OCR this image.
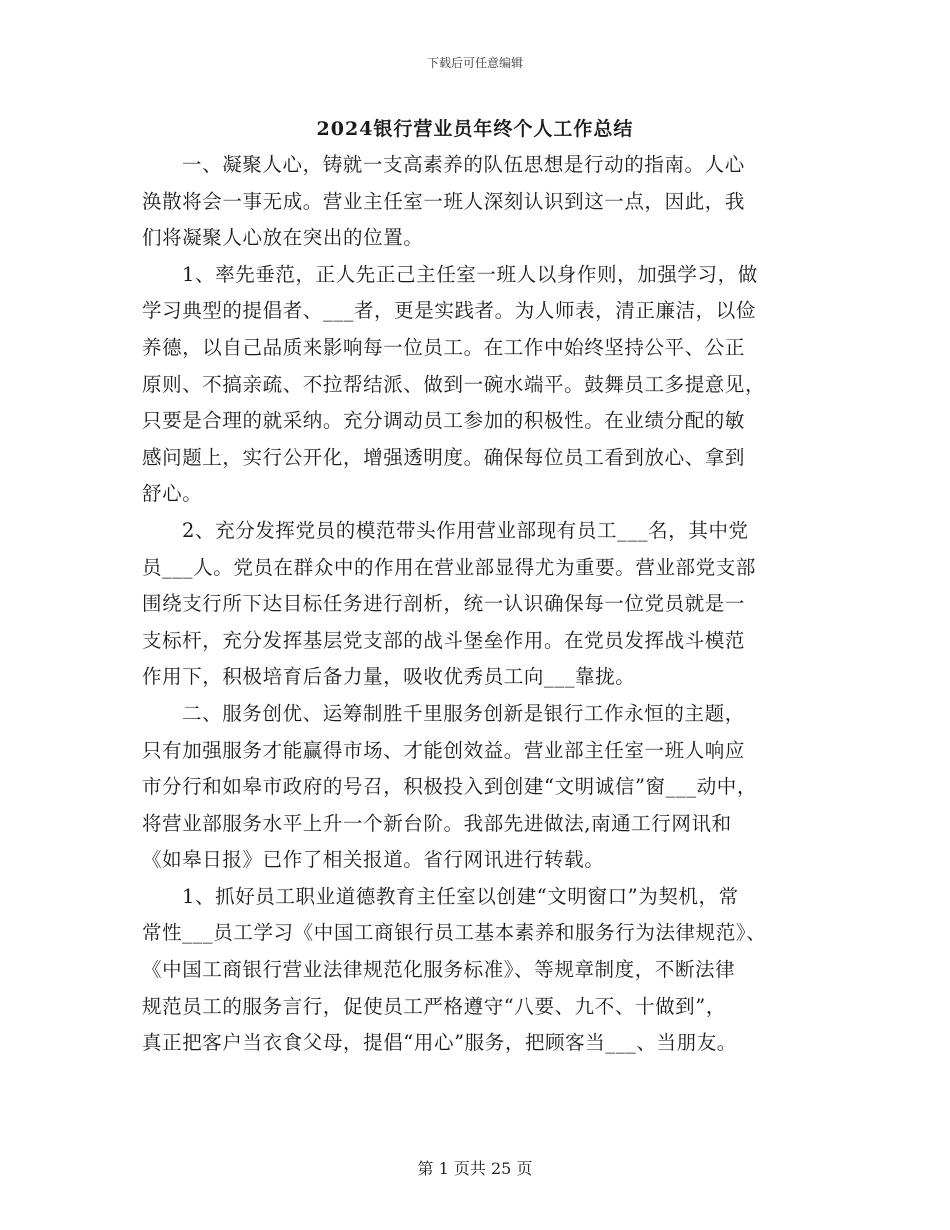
下载后可任意编辑
2024银行营业员年终个人工作总结
一、凝聚人心，铸就一支高素养的队伍思想是行动的指南。人心
涣散将会一事无成。营业主任室一班人深刻认识到这一点，因此，我
们将凝聚人心放在突出的位置。
1、率先垂范，正人先正己主任室一班人以身作则，加强学习，做
学习典型的提倡者、___者，更是实践者。为人师表，清正廉洁，以俭
养德，以自己品质来影响每一位员工。在工作中始终坚持公平、公正
原则、不搞亲疏、不拉帮结派、做到一碗水端平。鼓舞员工多提意见，
只要是合理的就采纳。充分调动员工参加的积极性。在业绩分配的敏
感问题上，实行公开化，增强透明度。确保每位员工看到放心、拿到
舒心。
2、充分发挥党员的模范带头作用营业部现有员工___名，其中党
员___人。党员在群众中的作用在营业部显得尤为重要。营业部党支部
围绕支行所下达目标任务进行剖析，统一认识确保每一位党员就是一
支标杆，充分发挥基层党支部的战斗堡垒作用。在党员发挥战斗模范
作用下，积极培育后备力量，吸收优秀员工向___靠拢。
二、服务创优、运筹制胜千里服务创新是银行工作永恒的主题，
只有加强服务才能赢得市场、才能创效益。营业部主任室一班人响应
市分行和如皋市政府的号召，积极投入到创建“文明诚信”窗___动中，
将营业部服务水平上升一个新台阶。我部先进做法,南通工行网讯和
《如皋日报》已作了相关报道。省行网讯进行转载。
1、抓好员工职业道德教育主任室以创建“文明窗口”为契机，常
常性___员工学习《中国工商银行员工基本素养和服务行为法律规范》、
《中国工商银行营业法律规范化服务标准》、等规章制度，不断法律
规范员工的服务言行，促使员工严格遵守“八要、九不、十做到”，
真正把客户当衣食父母，提倡“用心”服务，把顾客当___、当朋友。
第 1 页共 25 页
